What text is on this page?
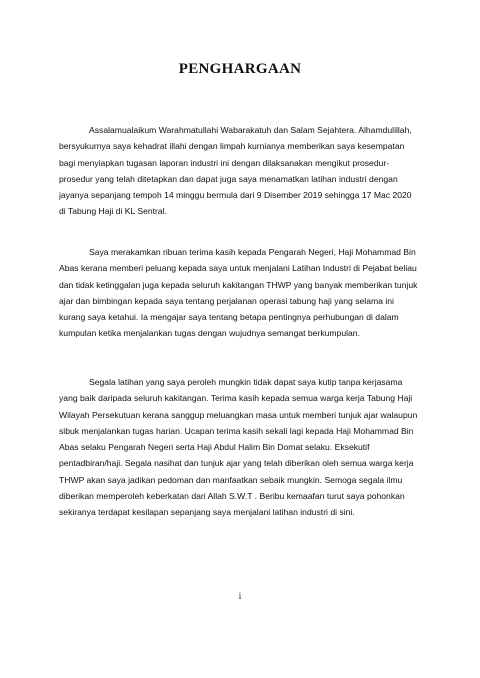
PENGHARGAAN
Assalamualaikum Warahmatullahi Wabarakatuh dan Salam Sejahtera. Alhamdulillah,
bersyukurnya saya kehadrat illahi dengan limpah kurnianya memberikan saya kesempatan
bagi menyiapkan tugasan laporan industri ini dengan dilaksanakan mengikut prosedur-
prosedur yang telah ditetapkan dan dapat juga saya menamatkan latihan industri dengan
jayanya sepanjang tempoh 14 minggu bermula dari 9 Disember 2019 sehingga 17 Mac 2020
di Tabung Haji di KL Sentral.
Saya merakamkan ribuan terima kasih kepada Pengarah Negeri, Haji Mohammad Bin
Abas kerana memberi peluang kepada saya untuk menjalani Latihan Industri di Pejabat beliau
dan tidak ketinggalan juga kepada seluruh kakitangan THWP yang banyak memberikan tunjuk
ajar dan bimbingan kepada saya tentang perjalanan operasi tabung haji yang selama ini
kurang saya ketahui. Ia mengajar saya tentang betapa pentingnya perhubungan di dalam
kumpulan ketika menjalankan tugas dengan wujudnya semangat berkumpulan.
Segala latihan yang saya peroleh mungkin tidak dapat saya kutip tanpa kerjasama
yang baik daripada seluruh kakitangan. Terima kasih kepada semua warga kerja Tabung Haji
Wilayah Persekutuan kerana sanggup meluangkan masa untuk memberi tunjuk ajar walaupun
sibuk menjalankan tugas harian. Ucapan terima kasih sekali lagi kepada Haji Mohammad Bin
Abas selaku Pengarah Negeri serta Haji Abdul Halim Bin Domat selaku. Eksekutif
pentadbiran/haji. Segala nasihat dan tunjuk ajar yang telah diberikan oleh semua warga kerja
THWP akan saya jadikan pedoman dan manfaatkan sebaik mungkin. Semoga segala ilmu
diberikan memperoleh keberkatan dari Allah S.W.T . Beribu kemaafan turut saya pohonkan
sekiranya terdapat kesilapan sepanjang saya menjalani latihan industri di sini.

i
